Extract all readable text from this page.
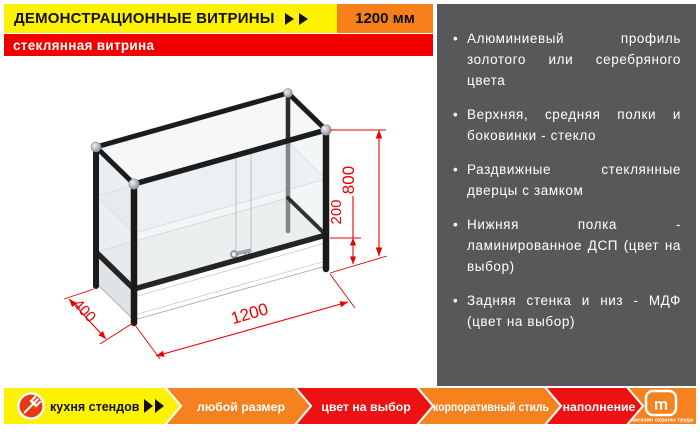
ДЕМОНСТРАЦИОННЫЕ ВИТРИНЫ	1200 мм
стеклянная витрина
800
200
1200
400
• Алюминиевый профиль золотого или серебряного цвета
• Верхняя, средняя полки и боковинки - стекло
• Раздвижные стеклянные дверцы с замком
• Нижняя полка - ламинированное ДСП (цвет на выбор)
• Задняя стенка и низ - МДФ (цвет на выбор)
наполнение
корпоративный стиль
цвет на выбор
любой размер
кухня стендов	m
магазин охраны труда
